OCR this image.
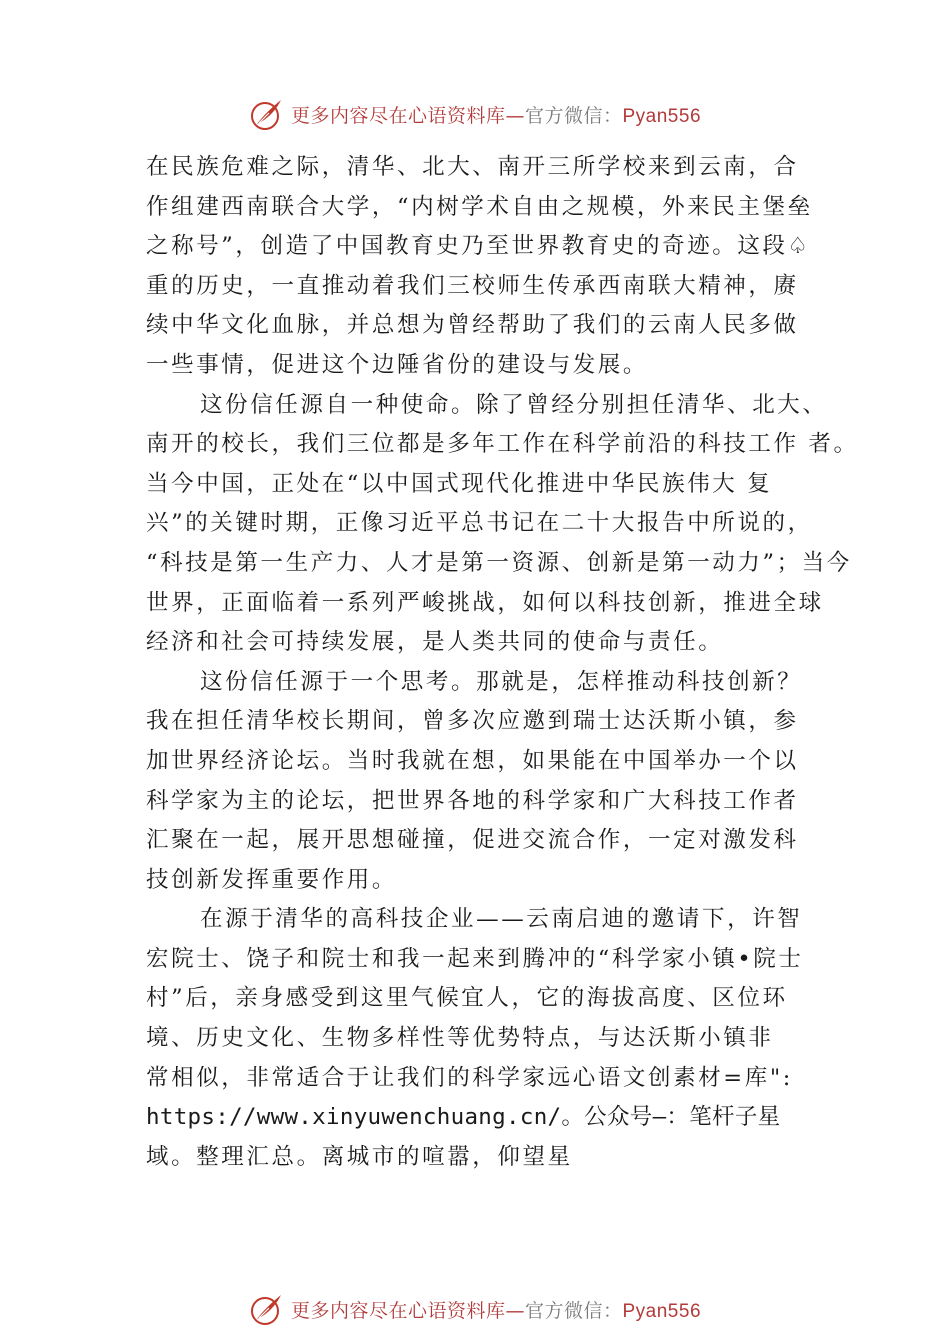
更多内容尽在心语资料库—官方微信：Pyan556
在民族危难之际，清华、北大、南开三所学校来到云南，合
作组建西南联合大学，“内树学术自由之规模，外来民主堡垒
之称号”，创造了中国教育史乃至世界教育史的奇迹。这段♤
重的历史，一直推动着我们三校师生传承西南联大精神，赓
续中华文化血脉，并总想为曾经帮助了我们的云南人民多做
一些事情，促进这个边陲省份的建设与发展。
这份信任源自一种使命。除了曾经分别担任清华、北大、
南开的校长，我们三位都是多年工作在科学前沿的科技工作 者。
当今中国，正处在“以中国式现代化推进中华民族伟大 复
兴”的关键时期，正像习近平总书记在二十大报告中所说的，
“科技是第一生产力、人才是第一资源、创新是第一动力”；当今
世界，正面临着一系列严峻挑战，如何以科技创新，推进全球
经济和社会可持续发展，是人类共同的使命与责任。
这份信任源于一个思考。那就是，怎样推动科技创新？
我在担任清华校长期间，曾多次应邀到瑞士达沃斯小镇，参
加世界经济论坛。当时我就在想，如果能在中国举办一个以
科学家为主的论坛，把世界各地的科学家和广大科技工作者
汇聚在一起，展开思想碰撞，促进交流合作，一定对激发科
技创新发挥重要作用。
在源于清华的高科技企业——云南启迪的邀请下，许智
宏院士、饶子和院士和我一起来到腾冲的“科学家小镇•院士
村”后，亲身感受到这里气候宜人，它的海拔高度、区位环
境、历史文化、生物多样性等优势特点，与达沃斯小镇非
常相似，非常适合于让我们的科学家远心语文创素材=库":
https://www.xinyuwenchuang.cn/。公众号—：笔杆子星
域。整理汇总。离城市的喧嚣，仰望星
更多内容尽在心语资料库—官方微信：Pyan556
